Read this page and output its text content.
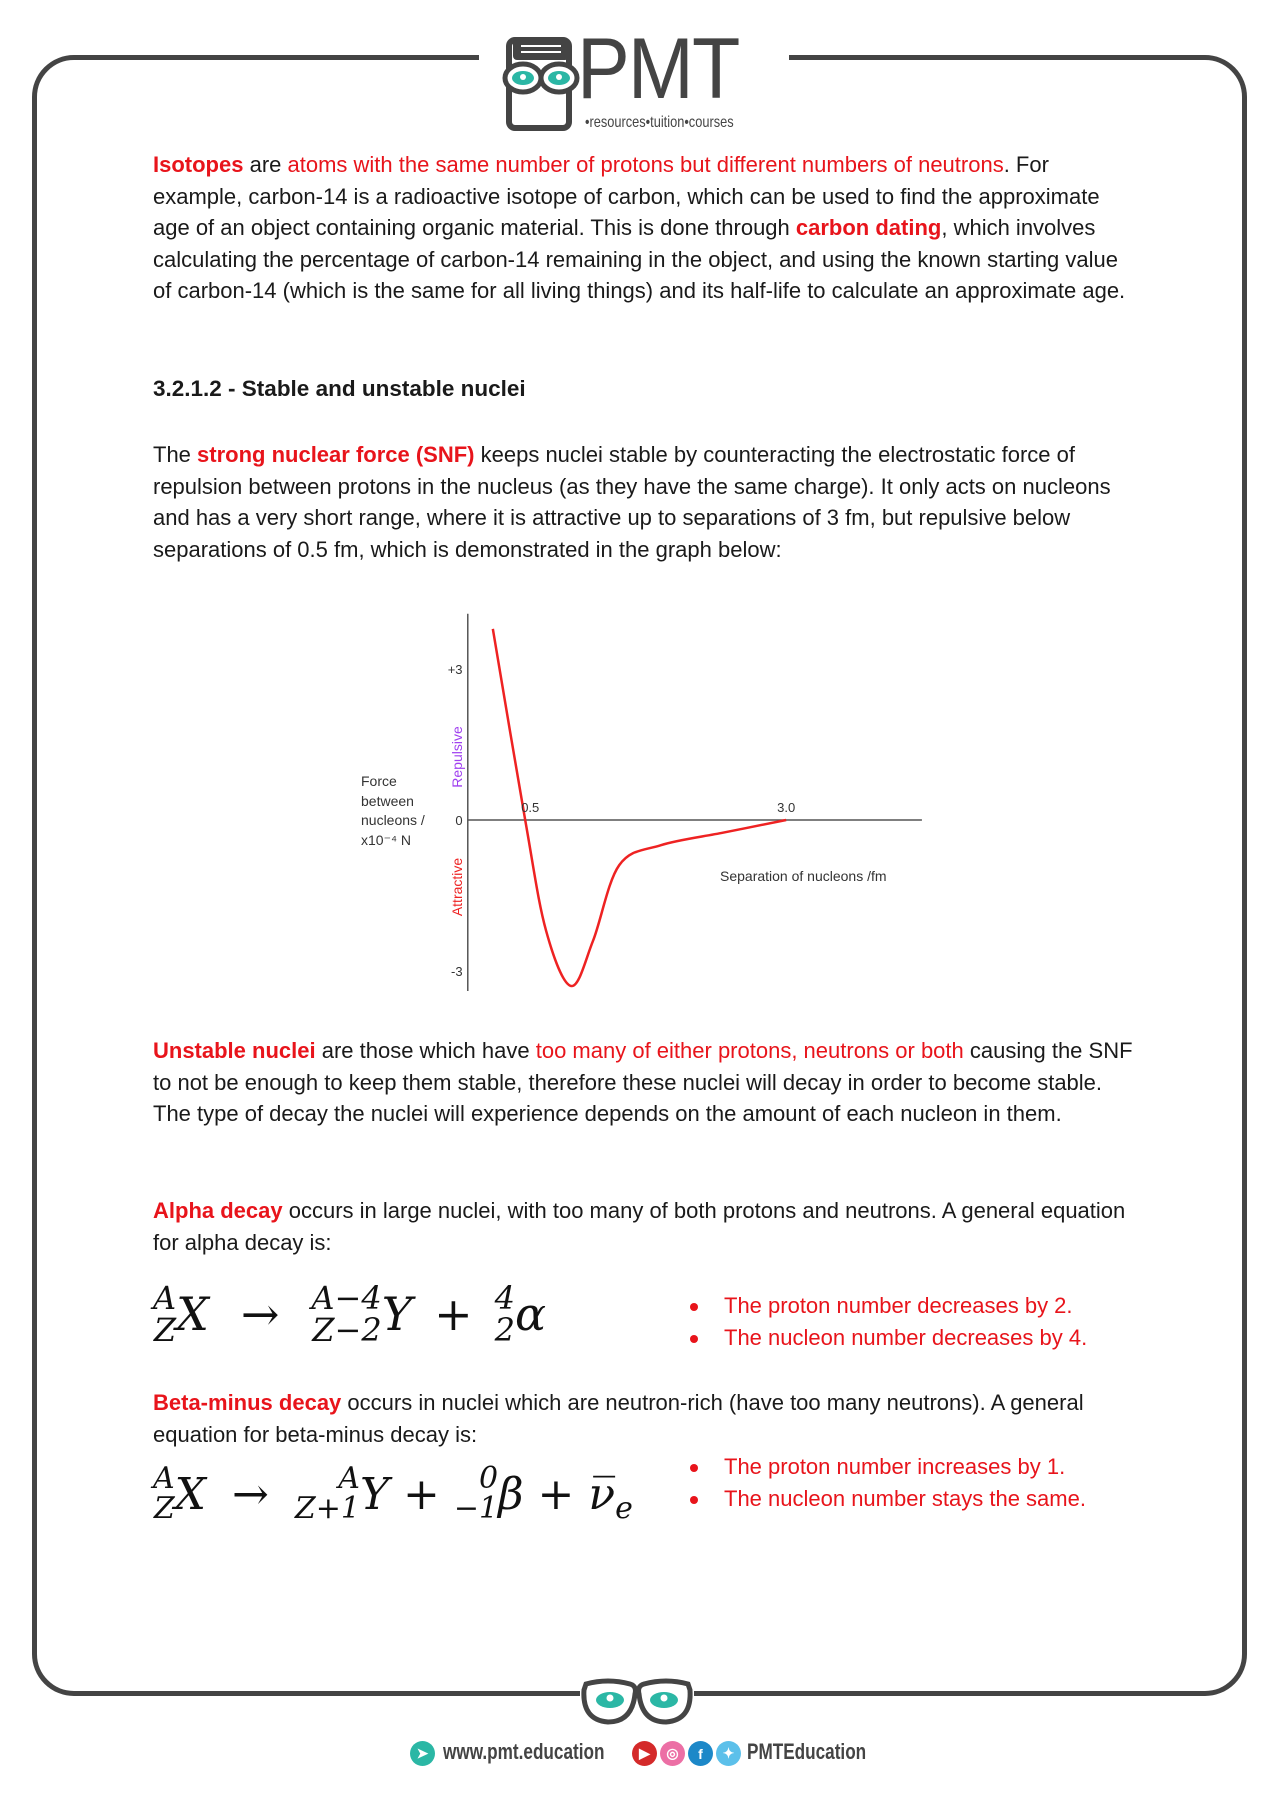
PMT
•resources•tuition•courses
Isotopes are atoms with the same number of protons but different numbers of neutrons. For example, carbon-14 is a radioactive isotope of carbon, which can be used to find the approximate age of an object containing organic material. This is done through carbon dating, which involves calculating the percentage of carbon-14 remaining in the object, and using the known starting value of carbon-14 (which is the same for all living things) and its half-life to calculate an approximate age.
3.2.1.2 - Stable and unstable nuclei
The strong nuclear force (SNF) keeps nuclei stable by counteracting the electrostatic force of repulsion between protons in the nucleus (as they have the same charge). It only acts on nucleons and has a very short range, where it is attractive up to separations of 3 fm, but repulsive below separations of 0.5 fm, which is demonstrated in the graph below:
+3
0
-3
0.5	3.0
Separation of nucleons /fm
Repulsive
Attractive
Force
between
nucleons /
x10⁻⁴ N
Unstable nuclei are those which have too many of either protons, neutrons or both causing the SNF to not be enough to keep them stable, therefore these nuclei will decay in order to become stable. The type of decay the nuclei will experience depends on the amount of each nucleon in them.
Alpha decay occurs in large nuclei, with too many of both protons and neutrons. A general equation for alpha decay is:
A
Z X → A−4
Z−2 Y + 4
2 α	The proton number decreases by 2.
The nucleon number decreases by 4.
Beta-minus decay occurs in nuclei which are neutron-rich (have too many neutrons). A general equation for beta-minus decay is:
A
Z X → A
Z+1 Y + 0
−1 β + ν̅ e
The proton number increases by 1.
The nucleon number stays the same.
➤ www.pmt.education	▶	◎	f	✦ PMTEducation
